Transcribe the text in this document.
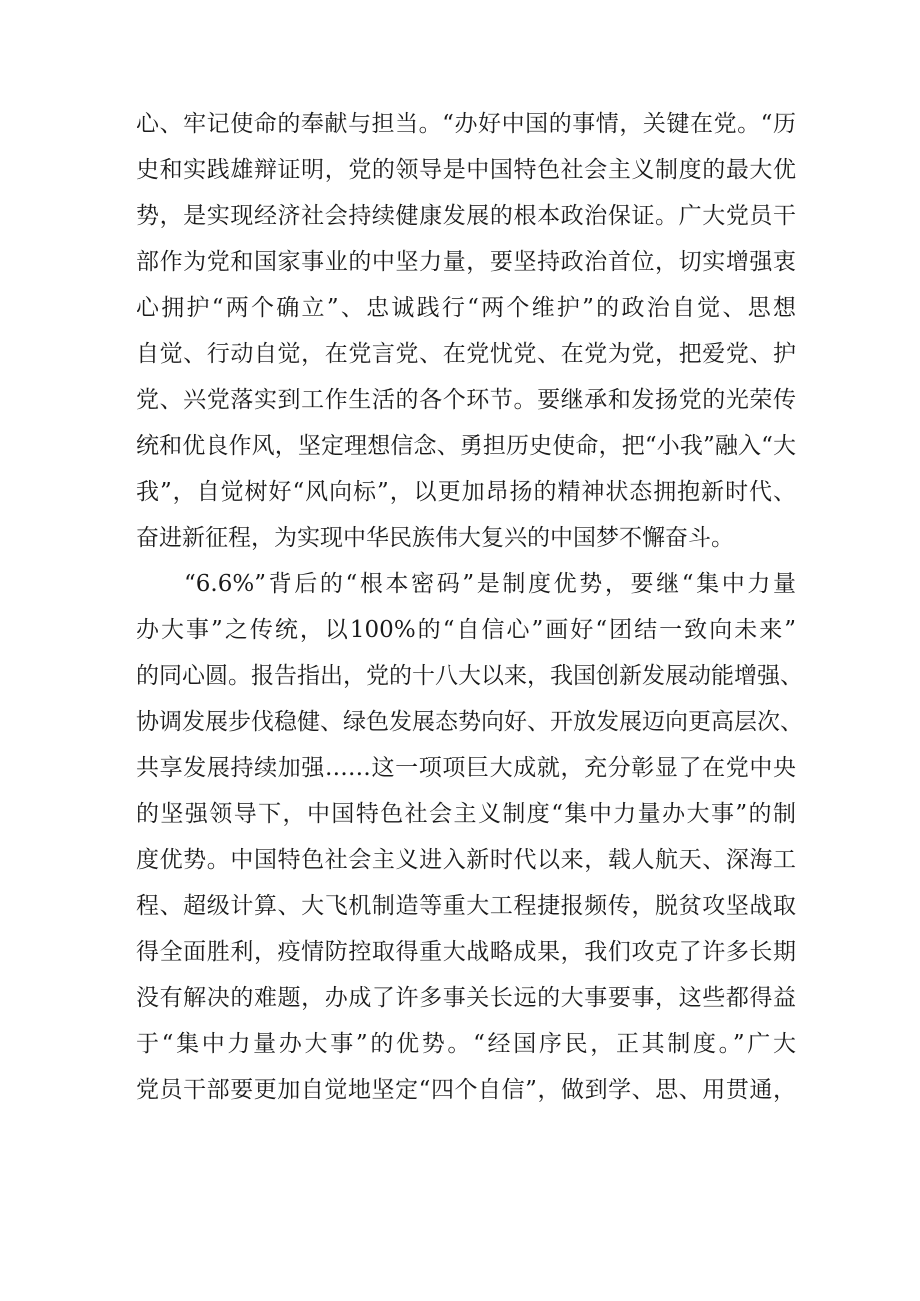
心、牢记使命的奉献与担当。“办好中国的事情，关键在党。“历
史和实践雄辩证明，党的领导是中国特色社会主义制度的最大优
势，是实现经济社会持续健康发展的根本政治保证。广大党员干
部作为党和国家事业的中坚力量，要坚持政治首位，切实增强衷
心拥护“两个确立”、忠诚践行“两个维护”的政治自觉、思想
自觉、行动自觉，在党言党、在党忧党、在党为党，把爱党、护
党、兴党落实到工作生活的各个环节。要继承和发扬党的光荣传
统和优良作风，坚定理想信念、勇担历史使命，把“小我”融入“大
我”，自觉树好“风向标”，以更加昂扬的精神状态拥抱新时代、
奋进新征程，为实现中华民族伟大复兴的中国梦不懈奋斗。
“6.6%”背后的“根本密码”是制度优势，要继“集中力量
办大事”之传统，以100%的“自信心”画好“团结一致向未来”
的同心圆。报告指出，党的十八大以来，我国创新发展动能增强、
协调发展步伐稳健、绿色发展态势向好、开放发展迈向更高层次、
共享发展持续加强……这一项项巨大成就，充分彰显了在党中央
的坚强领导下，中国特色社会主义制度“集中力量办大事”的制
度优势。中国特色社会主义进入新时代以来，载人航天、深海工
程、超级计算、大飞机制造等重大工程捷报频传，脱贫攻坚战取
得全面胜利，疫情防控取得重大战略成果，我们攻克了许多长期
没有解决的难题，办成了许多事关长远的大事要事，这些都得益
于“集中力量办大事”的优势。“经国序民，正其制度。”广大
党员干部要更加自觉地坚定“四个自信”，做到学、思、用贯通，
